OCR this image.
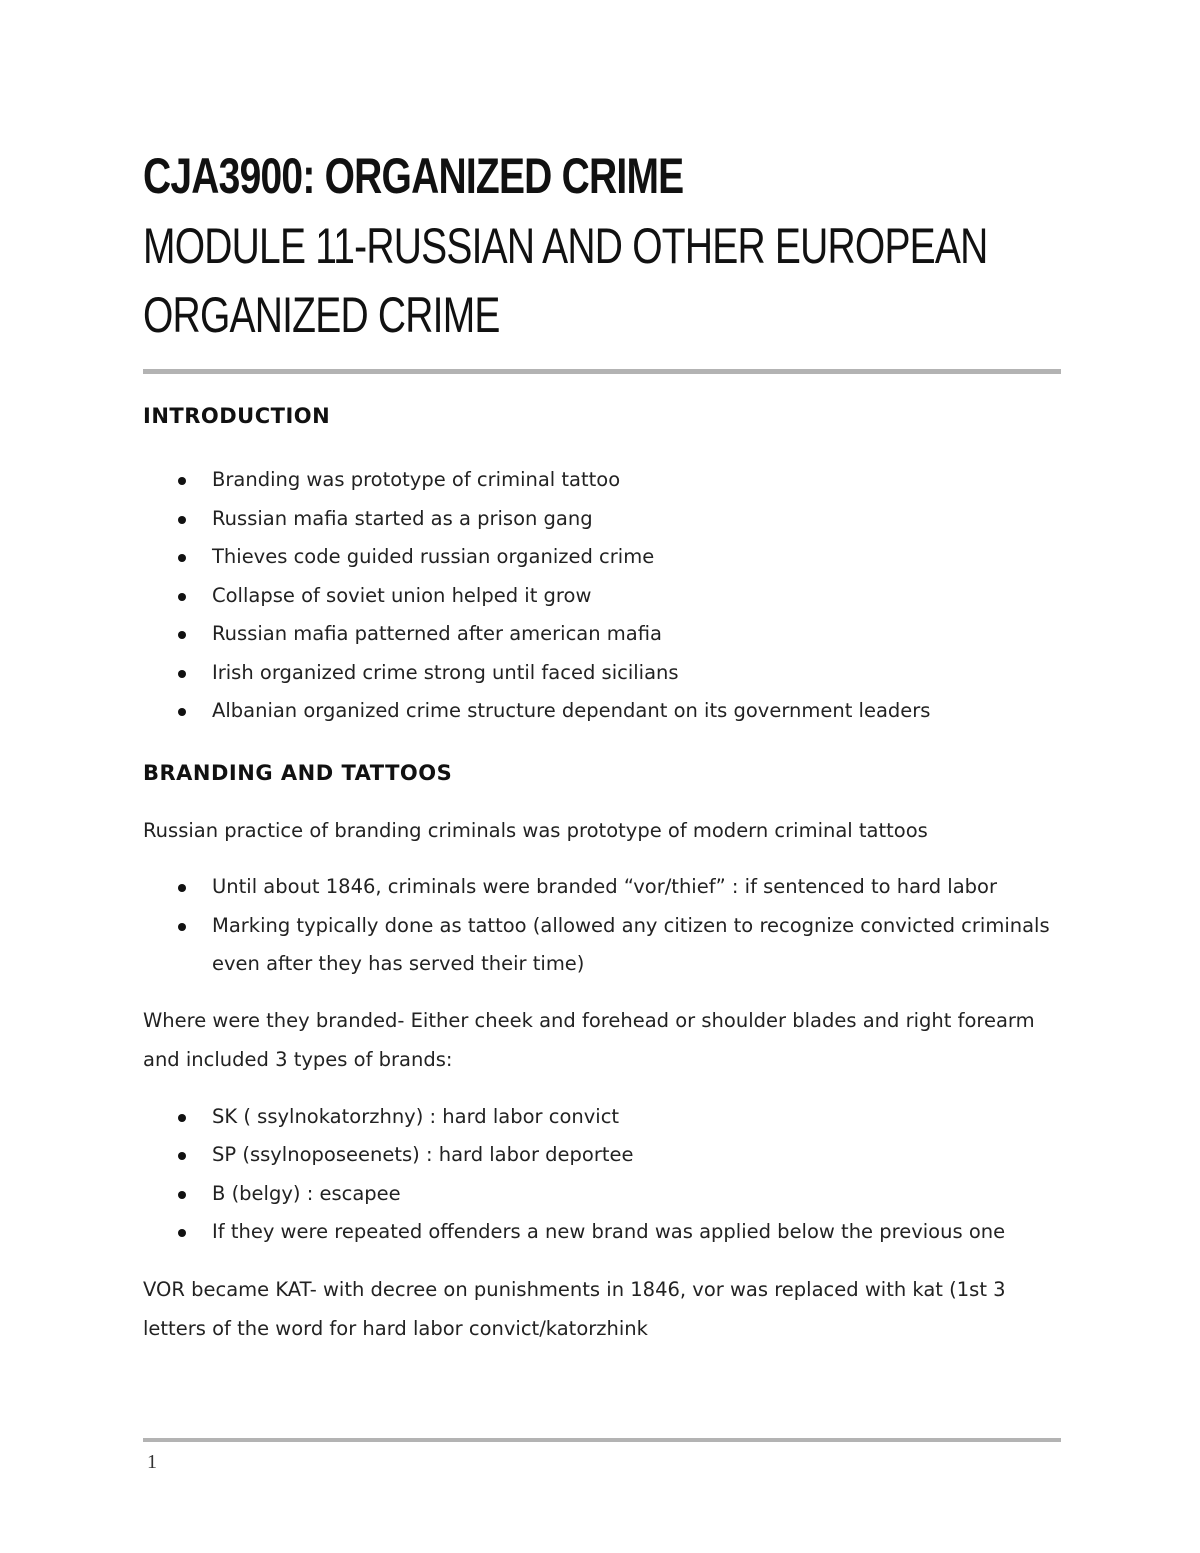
CJA3900: ORGANIZED CRIME
MODULE 11-RUSSIAN AND OTHER EUROPEAN ORGANIZED CRIME
INTRODUCTION
Branding was prototype of criminal tattoo
Russian mafia started as a prison gang
Thieves code guided russian organized crime
Collapse of soviet union helped it grow
Russian mafia patterned after american mafia
Irish organized crime strong until faced sicilians
Albanian organized crime structure dependant on its government leaders
BRANDING AND TATTOOS

Russian practice of branding criminals was prototype of modern criminal tattoos

Until about 1846, criminals were branded “vor/thief” : if sentenced to hard labor
Marking typically done as tattoo (allowed any citizen to recognize convicted criminals even after they has served their time)

Where were they branded- Either cheek and forehead or shoulder blades and right forearm and included 3 types of brands:

SK ( ssylnokatorzhny) : hard labor convict
SP (ssylnoposeenets) : hard labor deportee
B (belgy) : escapee
If they were repeated offenders a new brand was applied below the previous one

VOR became KAT- with decree on punishments in 1846, vor was replaced with kat (1st 3 letters of the word for hard labor convict/katorzhink

1
